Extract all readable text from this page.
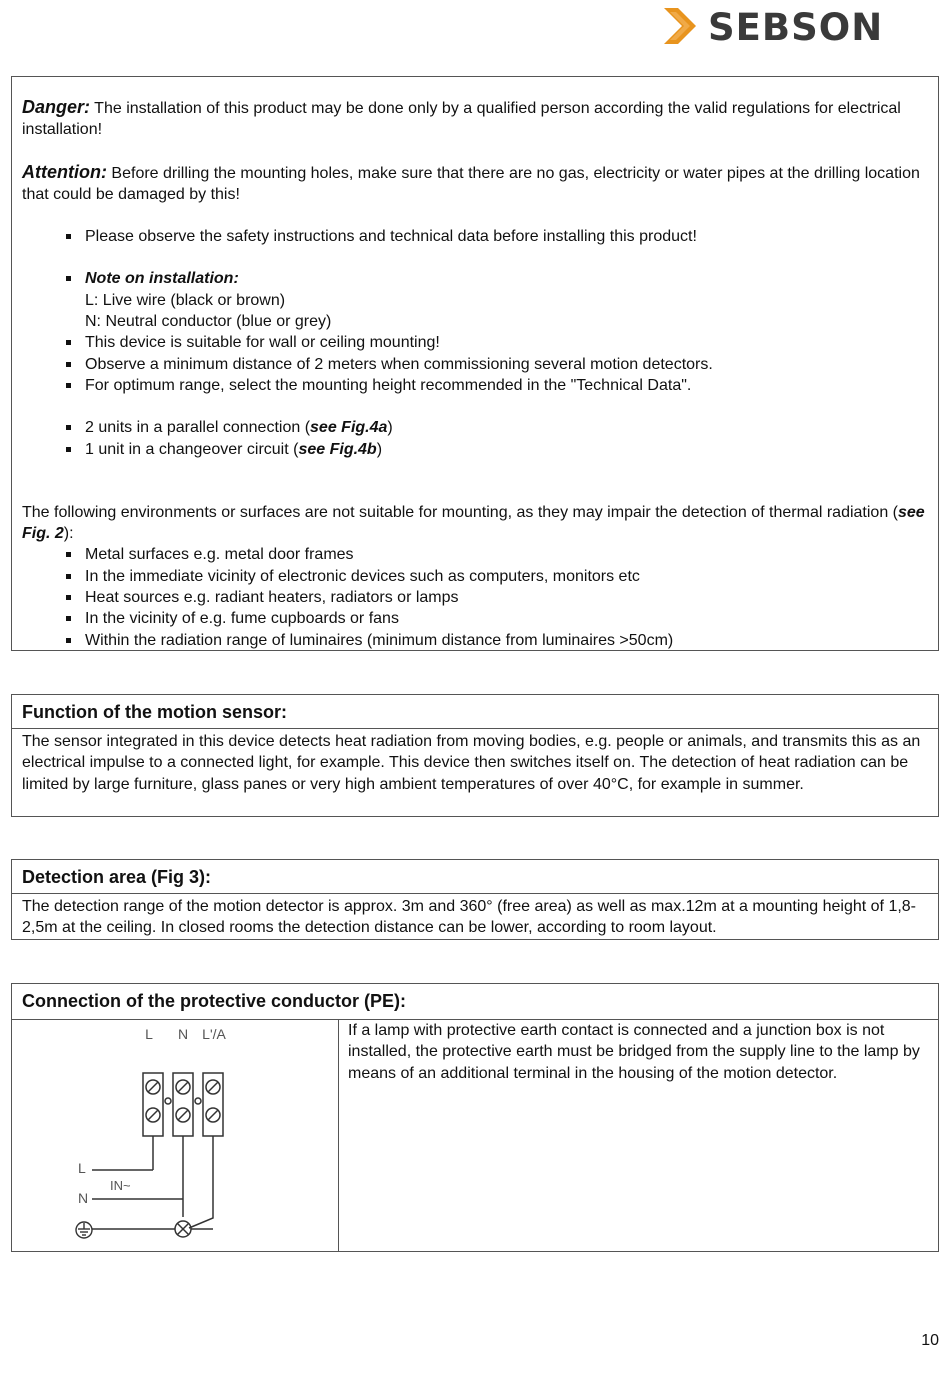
SEBSON

Danger: The installation of this product may be done only by a qualified person according the valid regulations for electrical installation!

Attention: Before drilling the mounting holes, make sure that there are no gas, electricity or water pipes at the drilling location that could be damaged by this!

Please observe the safety instructions and technical data before installing this product!
Note on installation:
L: Live wire (black or brown)
N: Neutral conductor (blue or grey)
This device is suitable for wall or ceiling mounting!
Observe a minimum distance of 2 meters when commissioning several motion detectors.
For optimum range, select the mounting height recommended in the "Technical Data".
2 units in a parallel connection (see Fig.4a)
1 unit in a changeover circuit (see Fig.4b)

The following environments or surfaces are not suitable for mounting, as they may impair the detection of thermal radiation (see Fig. 2):

Metal surfaces e.g. metal door frames
In the immediate vicinity of electronic devices such as computers, monitors etc
Heat sources e.g. radiant heaters, radiators or lamps
In the vicinity of e.g. fume cupboards or fans
Within the radiation range of luminaires (minimum distance from luminaires >50cm)
Function of the motion sensor:
The sensor integrated in this device detects heat radiation from moving bodies, e.g. people or animals, and transmits this as an electrical impulse to a connected light, for example. This device then switches itself on. The detection of heat radiation can be limited by large furniture, glass panes or very high ambient temperatures of over 40°C, for example in summer.
Detection area (Fig 3):
The detection range of the motion detector is approx. 3m and 360° (free area) as well as max.12m at a mounting height of 1,8-2,5m at the ceiling. In closed rooms the detection distance can be lower, according to room layout.
Connection of the protective conductor (PE):
L N L'/A
L
N
IN~
If a lamp with protective earth contact is connected and a junction box is not installed, the protective earth must be bridged from the supply line to the lamp by means of an additional terminal in the housing of the motion detector.
10
